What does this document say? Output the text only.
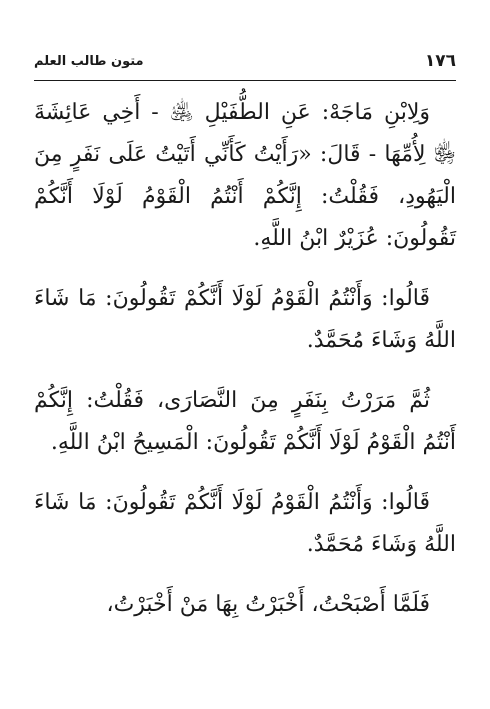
١٧٦
متون طالب العلم

وَلِابْنِ مَاجَهْ: عَنِ الطُّفَيْلِ ﵁ - أَخِي عَائِشَةَ ﵂ لِأُمِّهَا - قَالَ: «رَأَيْتُ كَأَنِّي أَتَيْتُ عَلَى نَفَرٍ مِنَ الْيَهُودِ، فَقُلْتُ: إِنَّكُمْ أَنْتُمُ الْقَوْمُ لَوْلَا أَنَّكُمْ تَقُولُونَ: عُزَيْرٌ ابْنُ اللَّهِ.

قَالُوا: وَأَنْتُمُ الْقَوْمُ لَوْلَا أَنَّكُمْ تَقُولُونَ: مَا شَاءَ اللَّهُ وَشَاءَ مُحَمَّدٌ.

ثُمَّ مَرَرْتُ بِنَفَرٍ مِنَ النَّصَارَى، فَقُلْتُ: إِنَّكُمْ أَنْتُمُ الْقَوْمُ لَوْلَا أَنَّكُمْ تَقُولُونَ: الْمَسِيحُ ابْنُ اللَّهِ.

قَالُوا: وَأَنْتُمُ الْقَوْمُ لَوْلَا أَنَّكُمْ تَقُولُونَ: مَا شَاءَ اللَّهُ وَشَاءَ مُحَمَّدٌ.

فَلَمَّا أَصْبَحْتُ، أَخْبَرْتُ بِهَا مَنْ أَخْبَرْتُ،
